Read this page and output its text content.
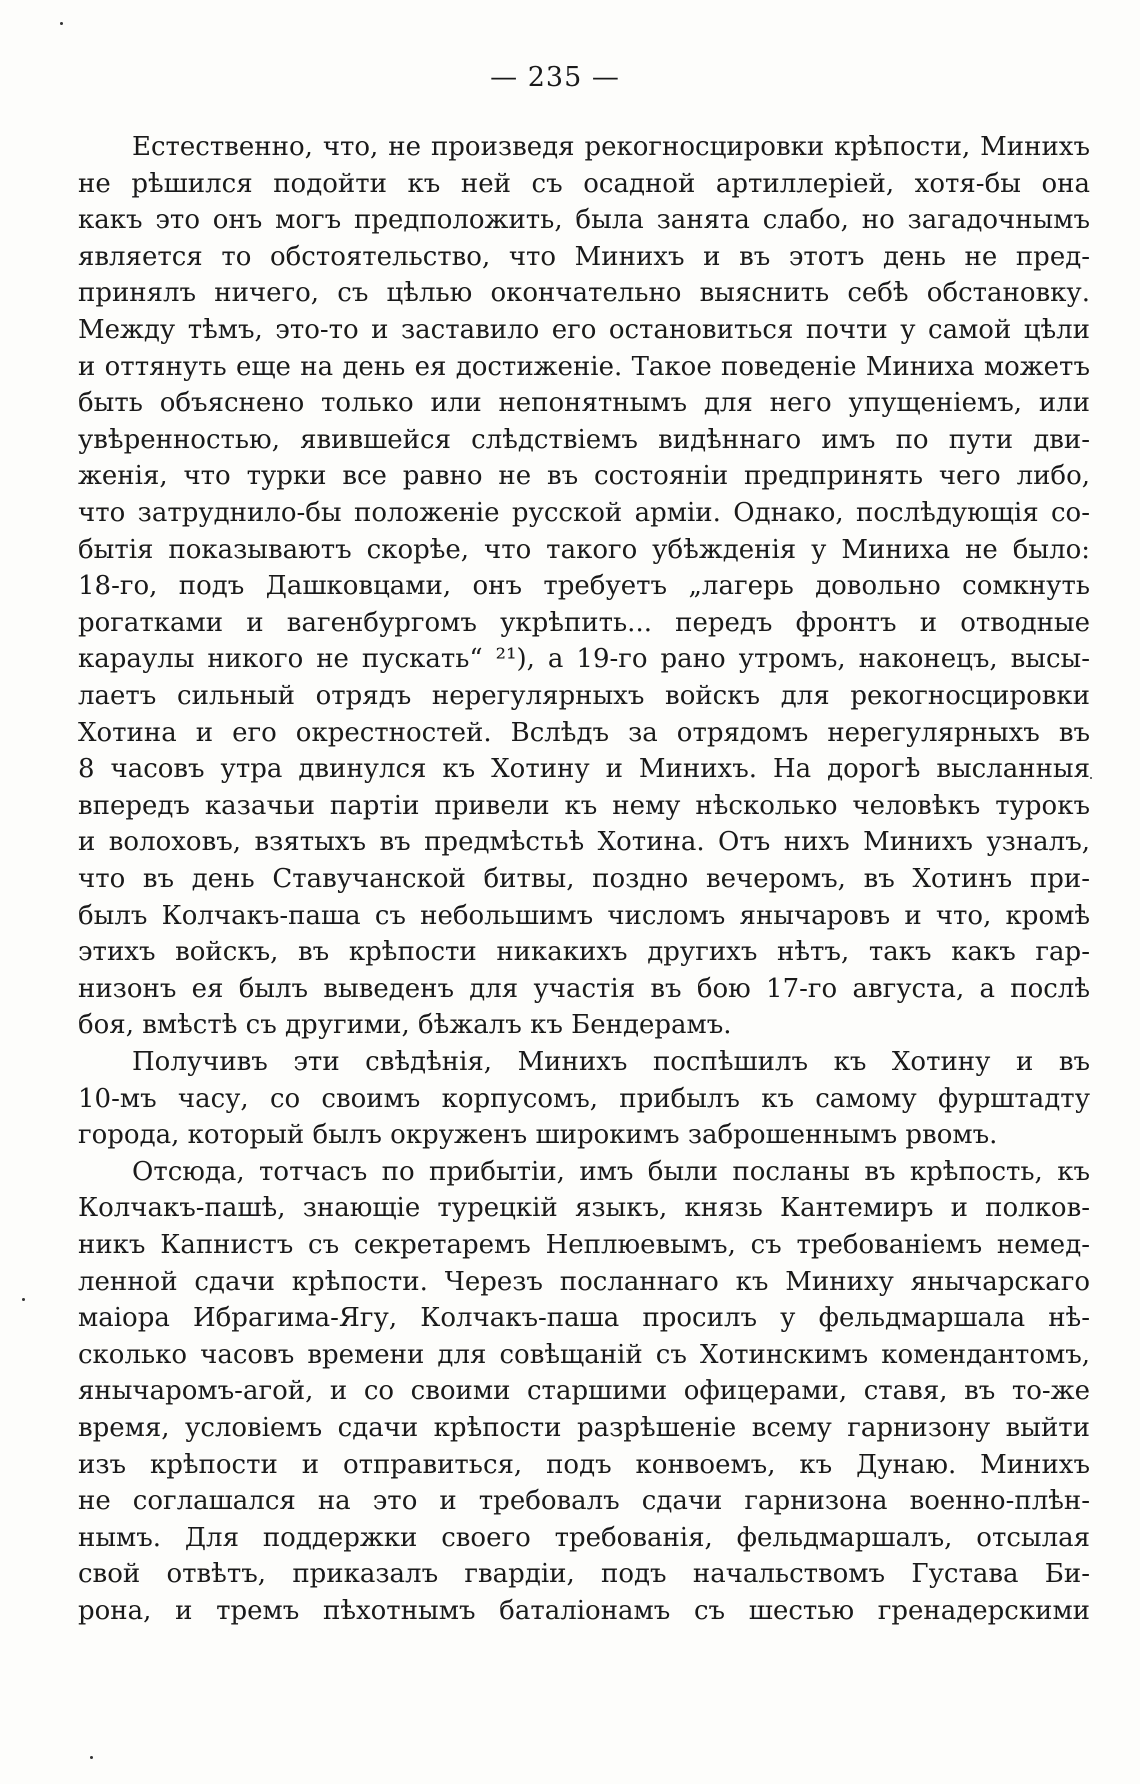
— 235 —
Естественно, что, не произведя рекогносцировки крѣпости, Минихъ
не рѣшился подойти къ ней съ осадной артиллеріей, хотя-бы она
какъ это онъ могъ предположить, была занята слабо, но загадочнымъ
является то обстоятельство, что Минихъ и въ этотъ день не пред-
принялъ ничего, съ цѣлью окончательно выяснить себѣ обстановку.
Между тѣмъ, это-то и заставило его остановиться почти у самой цѣли
и оттянуть еще на день ея достиженіе. Такое поведеніе Миниха можетъ
быть объяснено только или непонятнымъ для него упущеніемъ, или
увѣренностью, явившейся слѣдствіемъ видѣннаго имъ по пути дви-
женія, что турки все равно не въ состояніи предпринять чего либо,
что затруднило-бы положеніе русской арміи. Однако, послѣдующія со-
бытія показываютъ скорѣе, что такого убѣжденія у Миниха не было:
18-го, подъ Дашковцами, онъ требуетъ „лагерь довольно сомкнуть
рогатками и вагенбургомъ укрѣпить... передъ фронтъ и отводные
караулы никого не пускать“ ²¹), а 19-го рано утромъ, наконецъ, высы-
лаетъ сильный отрядъ нерегулярныхъ войскъ для рекогносцировки
Хотина и его окрестностей. Вслѣдъ за отрядомъ нерегулярныхъ въ
8 часовъ утра двинулся къ Хотину и Минихъ. На дорогѣ высланныя
впередъ казачьи партіи привели къ нему нѣсколько человѣкъ турокъ
и волоховъ, взятыхъ въ предмѣстьѣ Хотина. Отъ нихъ Минихъ узналъ,
что въ день Ставучанской битвы, поздно вечеромъ, въ Хотинъ при-
былъ Колчакъ-паша съ небольшимъ числомъ янычаровъ и что, кромѣ
этихъ войскъ, въ крѣпости никакихъ другихъ нѣтъ, такъ какъ гар-
низонъ ея былъ выведенъ для участія въ бою 17-го августа, а послѣ
боя, вмѣстѣ съ другими, бѣжалъ къ Бендерамъ.
Получивъ эти свѣдѣнія, Минихъ поспѣшилъ къ Хотину и въ
10-мъ часу, со своимъ корпусомъ, прибылъ къ самому фурштадту
города, который былъ окруженъ широкимъ заброшеннымъ рвомъ.
Отсюда, тотчасъ по прибытіи, имъ были посланы въ крѣпость, къ
Колчакъ-пашѣ, знающіе турецкій языкъ, князь Кантемиръ и полков-
никъ Капнистъ съ секретаремъ Неплюевымъ, съ требованіемъ немед-
ленной сдачи крѣпости. Черезъ посланнаго къ Миниху янычарскаго
маіора Ибрагима-Ягу, Колчакъ-паша просилъ у фельдмаршала нѣ-
сколько часовъ времени для совѣщаній съ Хотинскимъ комендантомъ,
янычаромъ-агой, и со своими старшими офицерами, ставя, въ то-же
время, условіемъ сдачи крѣпости разрѣшеніе всему гарнизону выйти
изъ крѣпости и отправиться, подъ конвоемъ, къ Дунаю. Минихъ
не соглашался на это и требовалъ сдачи гарнизона военно-плѣн-
нымъ. Для поддержки своего требованія, фельдмаршалъ, отсылая
свой отвѣтъ, приказалъ гвардіи, подъ начальствомъ Густава Би-
рона, и тремъ пѣхотнымъ баталіонамъ съ шестью гренадерскими
